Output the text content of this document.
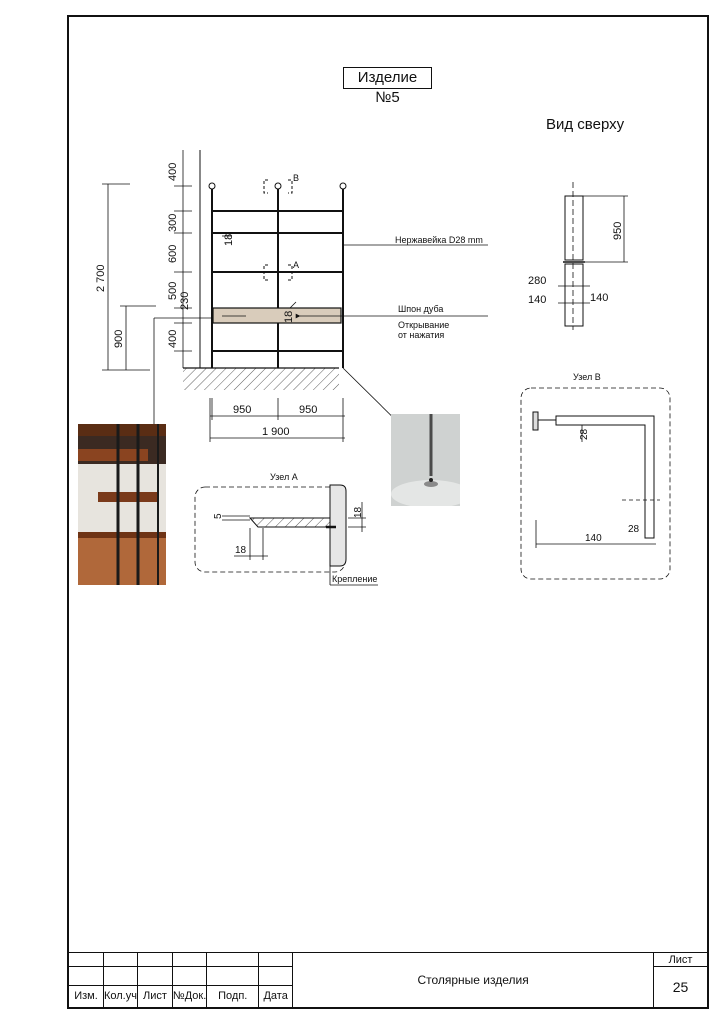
400
300
600
500
230
400
2 700
900
18
18
B
A
950	950
1 900
Нержавейка D28 mm
Шпон дуба
Открывание
от нажатия
950
280
140	140
Узел А
5	18
18
Крепление
Узел В
28
28
140
Изделие №5
Вид сверху
						Столярные изделия	Лист
							25
Изм.	Кол.уч	Лист	№Док.	Подп.	Дата		
